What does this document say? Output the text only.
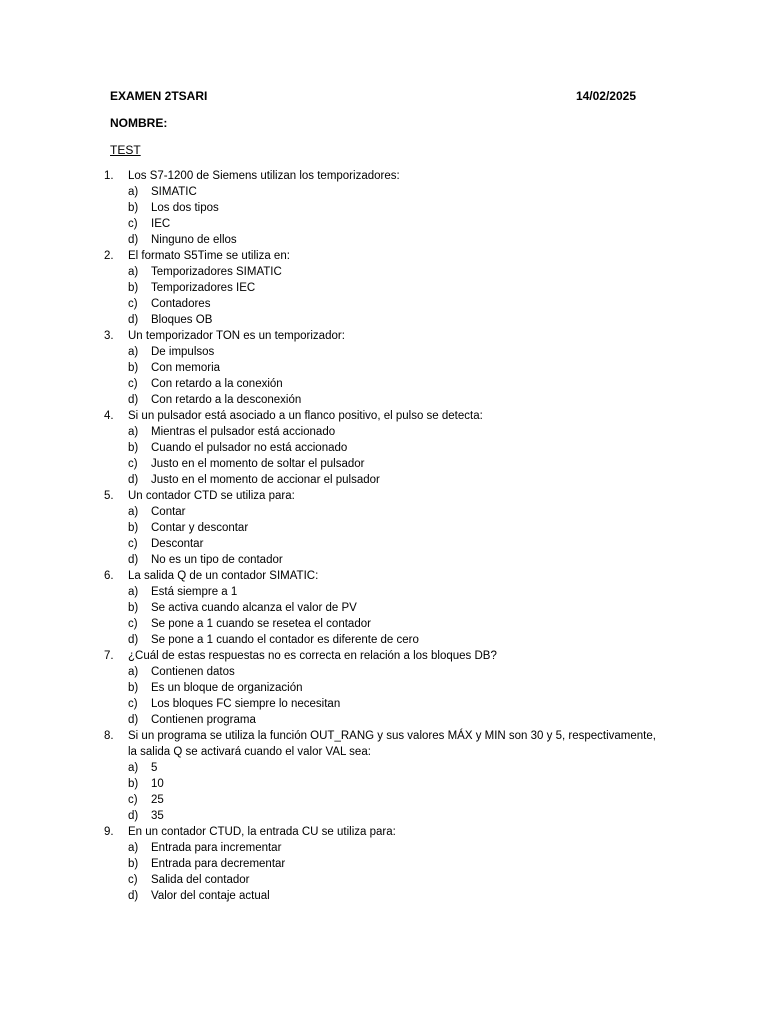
EXAMEN 2TSARI	14/02/2025
NOMBRE:
TEST
1. Los S7-1200 de Siemens utilizan los temporizadores:
a) SIMATIC
b) Los dos tipos
c) IEC
d) Ninguno de ellos
2. El formato S5Time se utiliza en:
a) Temporizadores SIMATIC
b) Temporizadores IEC
c) Contadores
d) Bloques OB
3. Un temporizador TON es un temporizador:
a) De impulsos
b) Con memoria
c) Con retardo a la conexión
d) Con retardo a la desconexión
4. Si un pulsador está asociado a un flanco positivo, el pulso se detecta:
a) Mientras el pulsador está accionado
b) Cuando el pulsador no está accionado
c) Justo en el momento de soltar el pulsador
d) Justo en el momento de accionar el pulsador
5. Un contador CTD se utiliza para:
a) Contar
b) Contar y descontar
c) Descontar
d) No es un tipo de contador
6. La salida Q de un contador SIMATIC:
a) Está siempre a 1
b) Se activa cuando alcanza el valor de PV
c) Se pone a 1 cuando se resetea el contador
d) Se pone a 1 cuando el contador es diferente de cero
7. ¿Cuál de estas respuestas no es correcta en relación a los bloques DB?
a) Contienen datos
b) Es un bloque de organización
c) Los bloques FC siempre lo necesitan
d) Contienen programa
8. Si un programa se utiliza la función OUT_RANG y sus valores MÁX y MIN son 30 y 5, respectivamente, la salida Q se activará cuando el valor VAL sea:
a) 5
b) 10
c) 25
d) 35
9. En un contador CTUD, la entrada CU se utiliza para:
a) Entrada para incrementar
b) Entrada para decrementar
c) Salida del contador
d) Valor del contaje actual
